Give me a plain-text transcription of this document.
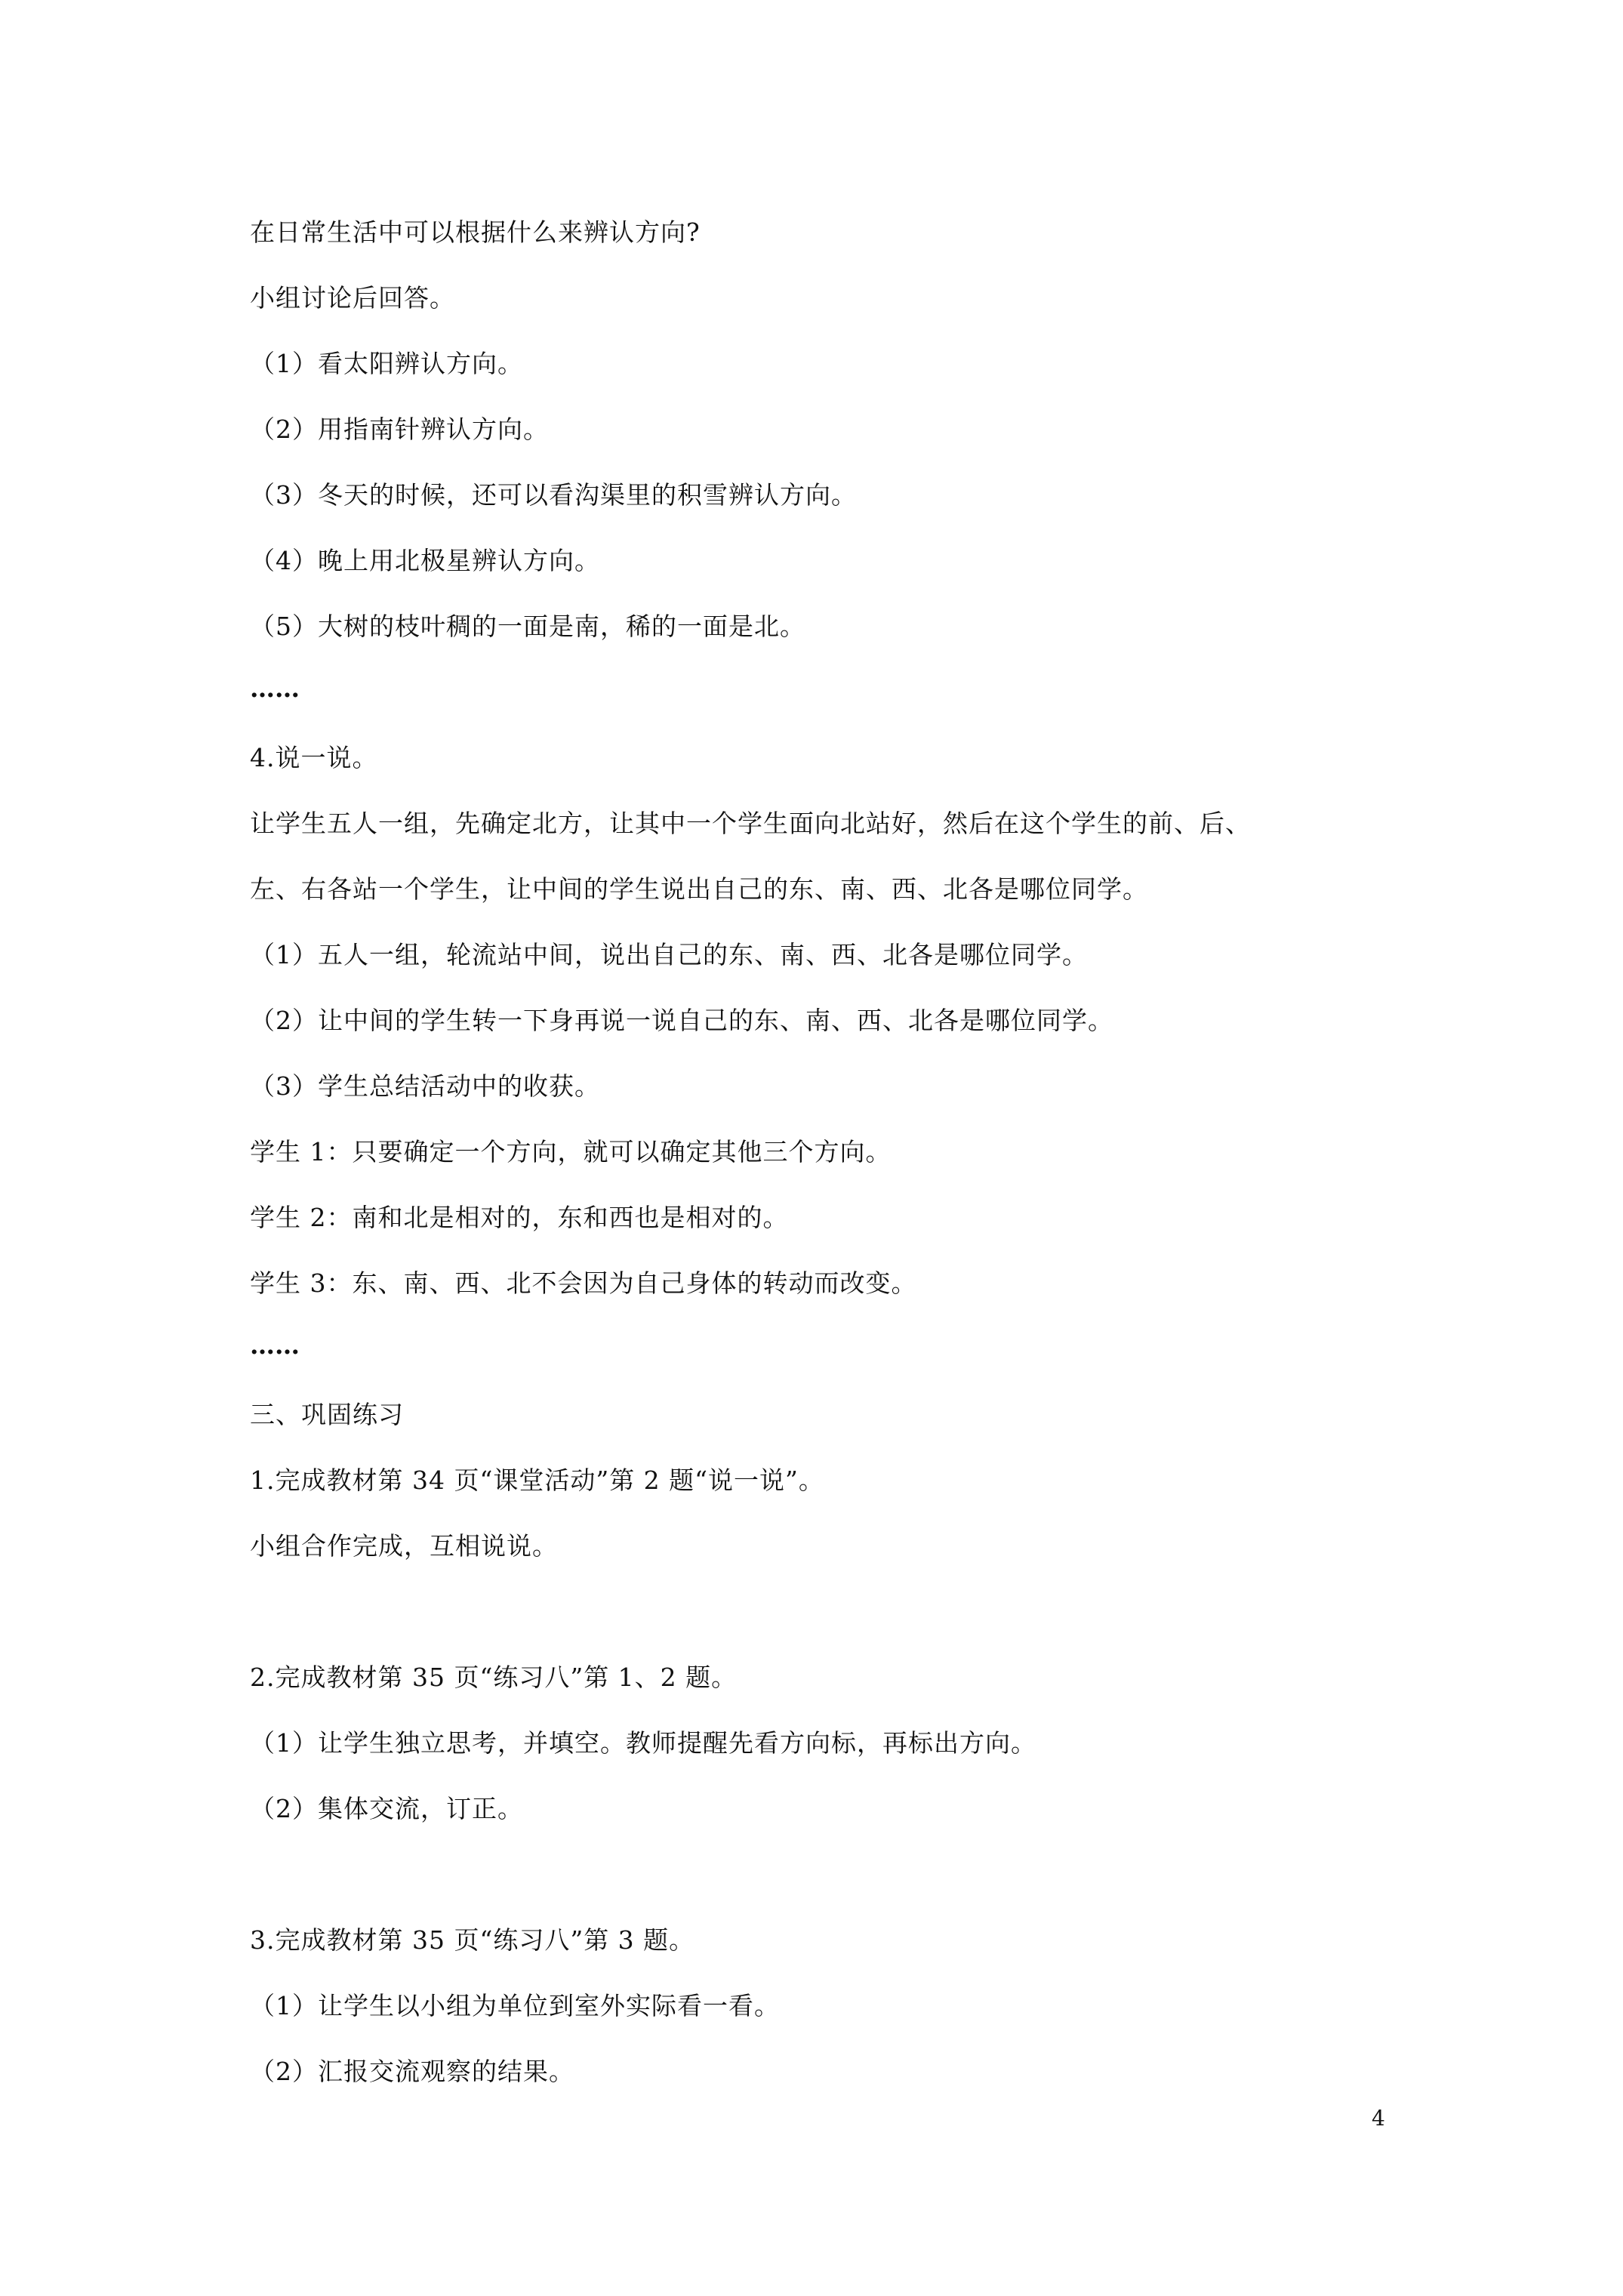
在日常生活中可以根据什么来辨认方向?
小组讨论后回答。
（1）看太阳辨认方向。
（2）用指南针辨认方向。
（3）冬天的时候，还可以看沟渠里的积雪辨认方向。
（4）晚上用北极星辨认方向。
（5）大树的枝叶稠的一面是南，稀的一面是北。
……
4.说一说。
让学生五人一组，先确定北方，让其中一个学生面向北站好，然后在这个学生的前、后、
左、右各站一个学生，让中间的学生说出自己的东、南、西、北各是哪位同学。
（1）五人一组，轮流站中间，说出自己的东、南、西、北各是哪位同学。
（2）让中间的学生转一下身再说一说自己的东、南、西、北各是哪位同学。
（3）学生总结活动中的收获。
学生 1：只要确定一个方向，就可以确定其他三个方向。
学生 2：南和北是相对的，东和西也是相对的。
学生 3：东、南、西、北不会因为自己身体的转动而改变。
……
三、巩固练习
1.完成教材第 34 页“课堂活动”第 2 题“说一说”。
小组合作完成，互相说说。
2.完成教材第 35 页“练习八”第 1、2 题。
（1）让学生独立思考，并填空。教师提醒先看方向标，再标出方向。
（2）集体交流，订正。
3.完成教材第 35 页“练习八”第 3 题。
（1）让学生以小组为单位到室外实际看一看。
（2）汇报交流观察的结果。
4
